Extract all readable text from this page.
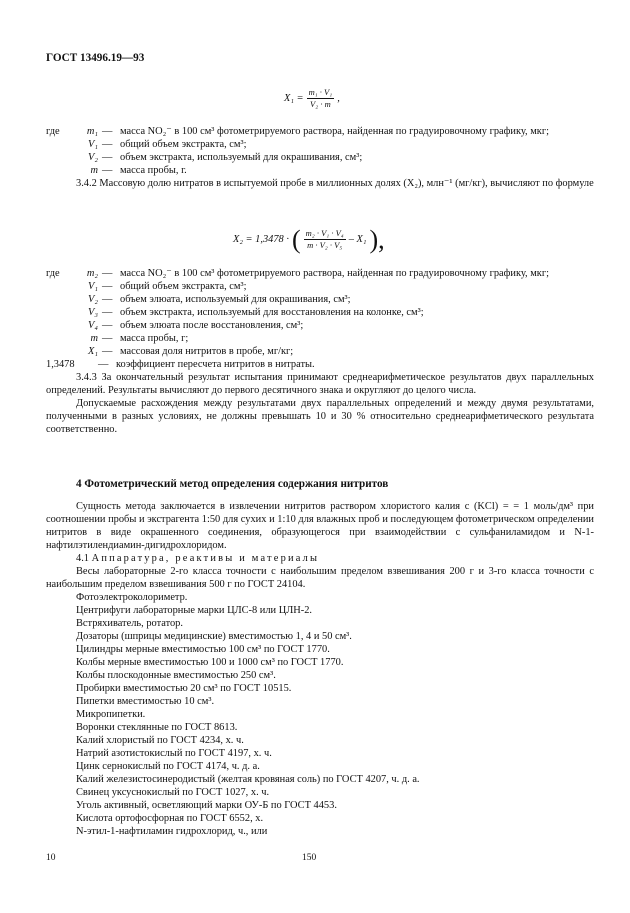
ГОСТ 13496.19—93
$X_1 = \frac{\text{m₁ · V₁}}{\text{V₂ · m}}$ ,
где	m₁ — масса NO₂⁻ в 100 см³ фотометрируемого раствора, найденная по градуировочному графику, мкг;
V₁ — общий объем экстракта, см³;
V₂ — объем экстракта, используемый для окрашивания, см³;
m — масса пробы, г.

3.4.2 Массовую долю нитратов в испытуемой пробе в миллионных долях (X₂), млн⁻¹ (мг/кг), вычисляют по формуле

X₂ = 1,3478 · ( $\frac{\text{m₂ · V₁ · V₄}}{\text{m · V₂ · V₅}} - X_1$ ),
где	m₂ — масса NO₂⁻ в 100 см³ фотометрируемого раствора, найденная по градуировочному графику, мкг;
V₁ — общий объем экстракта, см³;
V₂ — объем элюата, используемый для окрашивания, см³;
V₃ — объем экстракта, используемый для восстановления на колонке, см³;
V₄ — объем элюата после восстановления, см³;
m — масса пробы, г;
X₁ — массовая доля нитритов в пробе, мг/кг;
1,3478	— коэффициент пересчета нитритов в нитраты.

3.4.3 За окончательный результат испытания принимают среднеарифметическое результатов двух параллельных определений. Результаты вычисляют до первого десятичного знака и округляют до целого числа.

Допускаемые расхождения между результатами двух параллельных определений и между двумя результатами, полученными в разных условиях, не должны превышать 10 и 30 % относительно среднеарифметического результата соответственно.

4 Фотометрический метод определения содержания нитритов

Сущность метода заключается в извлечении нитритов раствором хлористого калия c (KCl) = = 1 моль/дм³ при соотношении пробы и экстрагента 1:50 для сухих и 1:10 для влажных проб и последующем фотометрическом определении нитритов в виде окрашенного соединения, образующегося при взаимодействии с сульфаниламидом и N-1-нафтилэтилендиамин-дигидрохлоридом.

4.1 Аппаратура, реактивы и материалы

Весы лабораторные 2-го класса точности с наибольшим пределом взвешивания 200 г и 3-го класса точности с наибольшим пределом взвешивания 500 г по ГОСТ 24104.

Фотоэлектроколориметр.
Центрифуги лабораторные марки ЦЛС-8 или ЦЛН-2.
Встряхиватель, ротатор.
Дозаторы (шприцы медицинские) вместимостью 1, 4 и 50 см³.
Цилиндры мерные вместимостью 100 см³ по ГОСТ 1770.
Колбы мерные вместимостью 100 и 1000 см³ по ГОСТ 1770.
Колбы плоскодонные вместимостью 250 см³.
Пробирки вместимостью 20 см³ по ГОСТ 10515.
Пипетки вместимостью 10 см³.
Микропипетки.
Воронки стеклянные по ГОСТ 8613.
Калий хлористый по ГОСТ 4234, х. ч.
Натрий азотистокислый по ГОСТ 4197, х. ч.
Цинк сернокислый по ГОСТ 4174, ч. д. а.
Калий железистосинеродистый (желтая кровяная соль) по ГОСТ 4207, ч. д. а.
Свинец уксуснокислый по ГОСТ 1027, х. ч.
Уголь активный, осветляющий марки ОУ-Б по ГОСТ 4453.
Кислота ортофосфорная по ГОСТ 6552, х.
N-этил-1-нафтиламин гидрохлорид, ч., или
10	150
